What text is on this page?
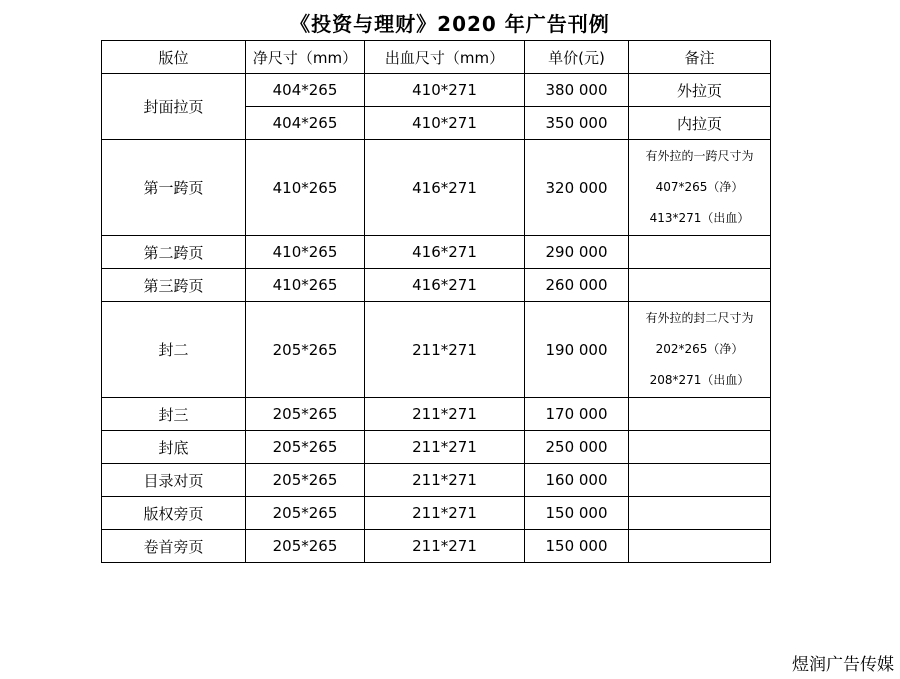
《投资与理财》2020 年广告刊例
版位	净尺寸（mm）	出血尺寸（mm）	单价(元)	备注
封面拉页	404*265	410*271	380 000	外拉页
	404*265	410*271	350 000	内拉页
第一跨页	410*265	416*271	320 000	有外拉的一跨尺寸为
407*265（净）
413*271（出血）

第二跨页	410*265	416*271	290 000	
第三跨页	410*265	416*271	260 000	
封二	205*265	211*271	190 000	有外拉的封二尺寸为
202*265（净）
208*271（出血）

封三	205*265	211*271	170 000	
封底	205*265	211*271	250 000	
目录对页	205*265	211*271	160 000	
版权旁页	205*265	211*271	150 000	
卷首旁页	205*265	211*271	150 000	
煜润广告传媒
